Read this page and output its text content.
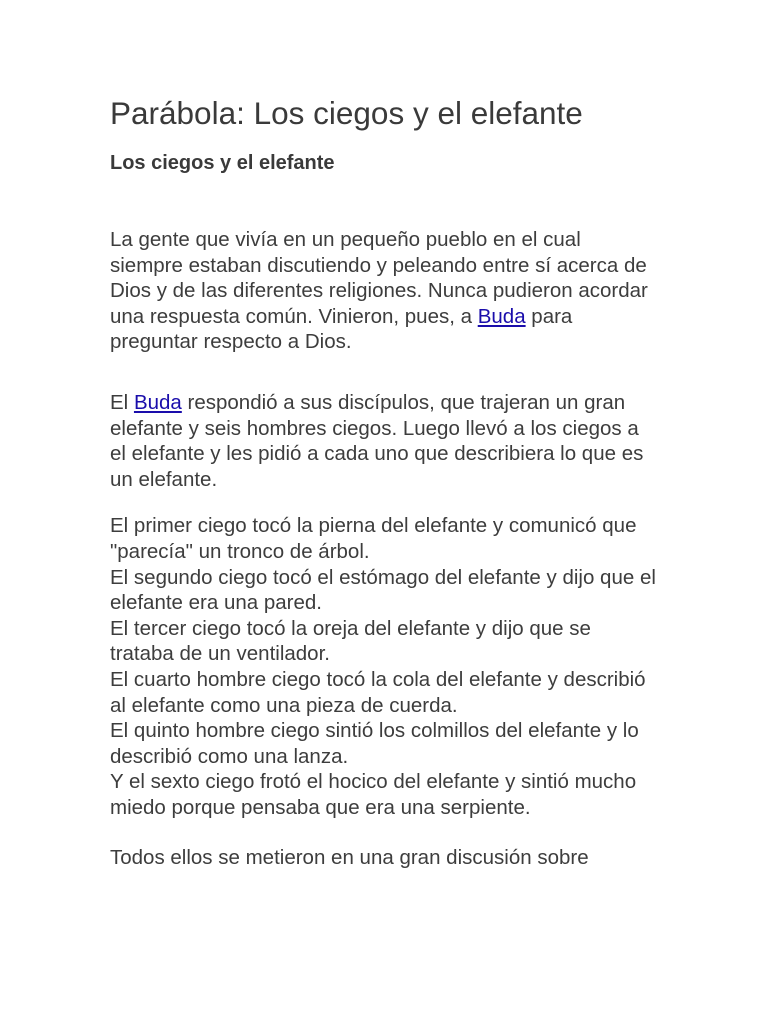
Parábola: Los ciegos y el elefante
Los ciegos y el elefante

La gente que vivía en un pequeño pueblo en el cual siempre estaban discutiendo y peleando entre sí acerca de Dios y de las diferentes religiones. Nunca pudieron acordar una respuesta común. Vinieron, pues, a Buda para preguntar respecto a Dios.

El Buda respondió a sus discípulos, que trajeran un gran elefante y seis hombres ciegos. Luego llevó a los ciegos a el elefante y les pidió a cada uno que describiera lo que es un elefante.

El primer ciego tocó la pierna del elefante y comunicó que "parecía" un tronco de árbol.
El segundo ciego tocó el estómago del elefante y dijo que el elefante era una pared.
El tercer ciego tocó la oreja del elefante y dijo que se trataba de un ventilador.
El cuarto hombre ciego tocó la cola del elefante y describió al elefante como una pieza de cuerda.
El quinto hombre ciego sintió los colmillos del elefante y lo describió como una lanza.
Y el sexto ciego frotó el hocico del elefante y sintió mucho miedo porque pensaba que era una serpiente.

Todos ellos se metieron en una gran discusión sobre
